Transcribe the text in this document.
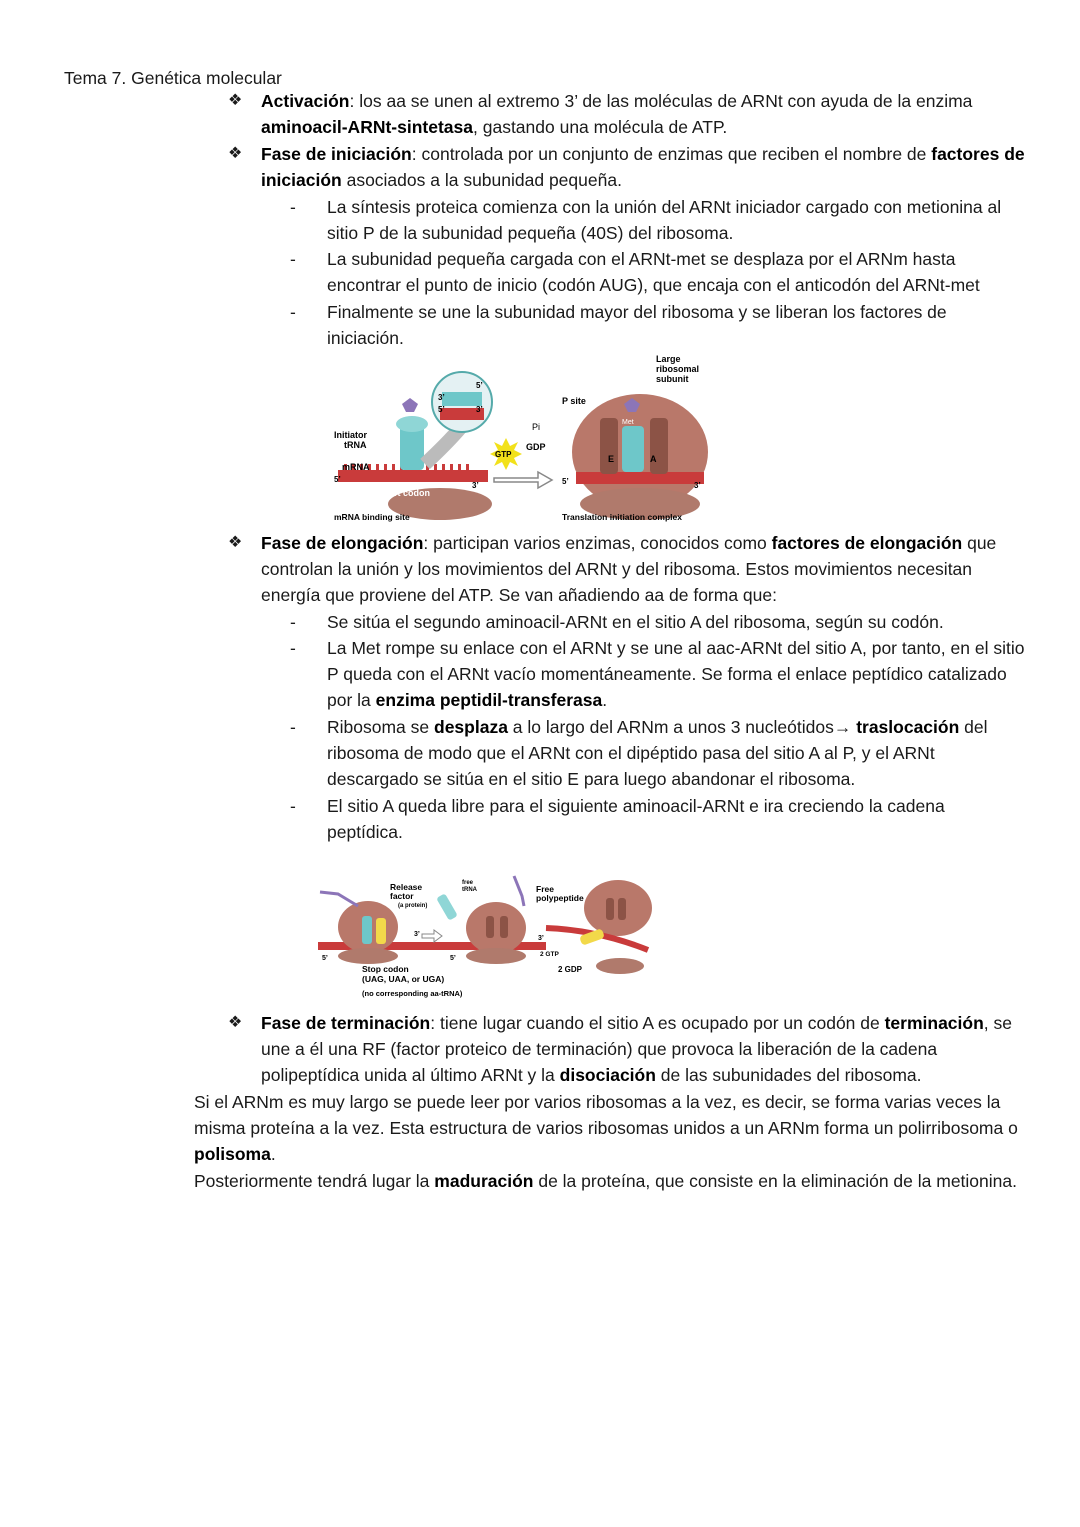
Tema 7. Genética molecular
❖ Activación: los aa se unen al extremo 3’ de las moléculas de ARNt con ayuda de la enzima aminoacil-ARNt-sintetasa, gastando una molécula de ATP.
❖ Fase de iniciación: controlada por un conjunto de enzimas que reciben el nombre de factores de iniciación asociados a la subunidad pequeña.
- La síntesis proteica comienza con la unión del ARNt iniciador cargado con metionina al sitio P de la subunidad pequeña (40S) del ribosoma.
- La subunidad pequeña cargada con el ARNt-met se desplaza por el ARNm hasta encontrar el punto de inicio (codón AUG), que encaja con el anticodón del ARNt-met
- Finalmente se une la subunidad mayor del ribosoma y se liberan los factores de iniciación.
3’
5’
5’
3’
Initiator
tRNA
mRNA
5’
3’
Start codon
mRNA binding site
GTP
GDP
Pi	Met
E	A
P site
Large
ribosomal
subunit
5’	3’
Translation initiation complex
❖ Fase de elongación: participan varios enzimas, conocidos como factores de elongación que controlan la unión y los movimientos del ARNt y del ribosoma. Estos movimientos necesitan energía que proviene del ATP. Se van añadiendo aa de forma que:
- Se sitúa el segundo aminoacil-ARNt en el sitio A del ribosoma, según su codón.
- La Met rompe su enlace con el ARNt y se une al aac-ARNt del sitio A, por tanto, en el sitio P queda con el ARNt vacío momentáneamente. Se forma el enlace peptídico catalizado por la enzima peptidil-transferasa.
- Ribosoma se desplaza a lo largo del ARNm a unos 3 nucleótidos→ traslocación del ribosoma de modo que el ARNt con el dipéptido pasa del sitio A al P, y el ARNt descargado se sitúa en el sitio E para luego abandonar el ribosoma.
- El sitio A queda libre para el siguiente aminoacil-ARNt e ira creciendo la cadena peptídica.
Release
factor
(a protein)
3’
5’
free
tRNA
5’
Free
polypeptide
3’
2 GTP
2 GDP
Stop codon
(UAG, UAA, or UGA)
(no corresponding aa-tRNA)
❖ Fase de terminación: tiene lugar cuando el sitio A es ocupado por un codón de terminación, se une a él una RF (factor proteico de terminación) que provoca la liberación de la cadena polipeptídica unida al último ARNt y la disociación de las subunidades del ribosoma.
Si el ARNm es muy largo se puede leer por varios ribosomas a la vez, es decir, se forma varias veces la misma proteína a la vez. Esta estructura de varios ribosomas unidos a un ARNm forma un polirribosoma o polisoma.
Posteriormente tendrá lugar la maduración de la proteína, que consiste en la eliminación de la metionina.
